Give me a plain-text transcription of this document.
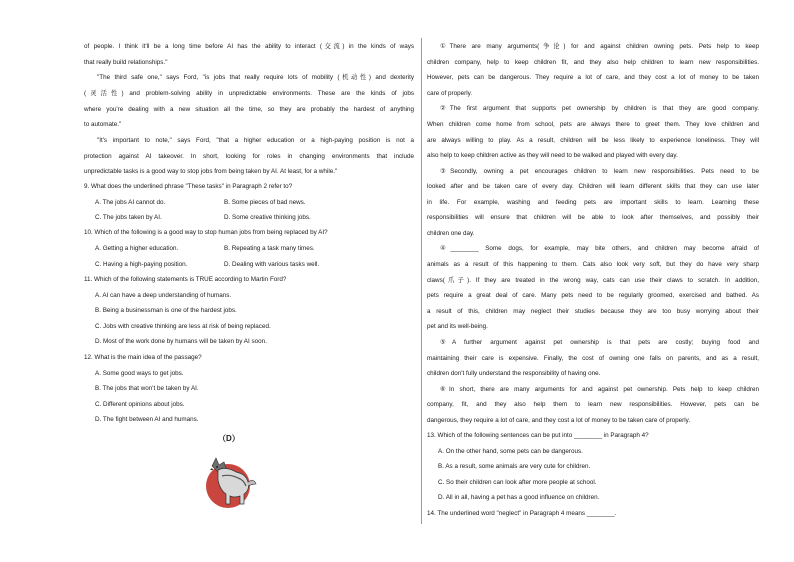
of people. I think it'll be a long time before AI has the ability to interact (交流) in the kinds of ways
that really build relationships."
"The third safe one," says Ford, "is jobs that really require lots of mobility (机动性) and dexterity
(灵活性) and problem-solving ability in unpredictable environments. These are the kinds of jobs
where you're dealing with a new situation all the time, so they are probably the hardest of anything
to automate."
"It's important to note," says Ford, "that a higher education or a high-paying position is not a
protection against AI takeover. In short, looking for roles in changing environments that include
unpredictable tasks is a good way to stop jobs from being taken by AI. At least, for a while."
9. What does the underlined phrase "These tasks" in Paragraph 2 refer to?
A. The jobs AI cannot do.	B. Some pieces of bad news.
C. The jobs taken by AI.	D. Some creative thinking jobs.
10. Which of the following is a good way to stop human jobs from being replaced by AI?
A. Getting a higher education.	B. Repeating a task many times.
C. Having a high-paying position.	D. Dealing with various tasks well.
11. Which of the following statements is TRUE according to Martin Ford?
A. AI can have a deep understanding of humans.
B. Being a businessman is one of the hardest jobs.
C. Jobs with creative thinking are less at risk of being replaced.
D. Most of the work done by humans will be taken by AI soon.
12. What is the main idea of the passage?
A. Some good ways to get jobs.
B. The jobs that won't be taken by AI.
C. Different opinions about jobs.
D. The fight between AI and humans.
（D）
①There are many arguments(争论) for and against children owning pets. Pets help to keep
children company, help to keep children fit, and they also help children to learn new responsibilities.
However, pets can be dangerous. They require a lot of care, and they cost a lot of money to be taken
care of properly.
②The first argument that supports pet ownership by children is that they are good company.
When children come home from school, pets are always there to greet them. They love children and
are always willing to play. As a result, children will be less likely to experience loneliness. They will
also help to keep children active as they will need to be walked and played with every day.
③Secondly, owning a pet encourages children to learn new responsibilities. Pets need to be
looked after and be taken care of every day. Children will learn different skills that they can use later
in life. For example, washing and feeding pets are important skills to learn. Learning these
responsibilities will ensure that children will be able to look after themselves, and possibly their
children one day.
④________ Some dogs, for example, may bite others, and children may become afraid of
animals as a result of this happening to them. Cats also look very soft, but they do have very sharp
claws(爪子). If they are treated in the wrong way, cats can use their claws to scratch. In addition,
pets require a great deal of care. Many pets need to be regularly groomed, exercised and bathed. As
a result of this, children may neglect their studies because they are too busy worrying about their
pet and its well-being.
⑤A further argument against pet ownership is that pets are costly; buying food and
maintaining their care is expensive. Finally, the cost of owning one falls on parents, and as a result,
children don't fully understand the responsibility of having one.
⑥In short, there are many arguments for and against pet ownership. Pets help to keep children
company, fit, and they also help them to learn new responsibilities. However, pets can be
dangerous, they require a lot of care, and they cost a lot of money to be taken care of properly.
13. Which of the following sentences can be put into ________ in Paragraph 4?
A. On the other hand, some pets can be dangerous.
B. As a result, some animals are very cute for children.
C. So their children can look after more people at school.
D. All in all, having a pet has a good influence on children.
14. The underlined word "neglect" in Paragraph 4 means ________.
